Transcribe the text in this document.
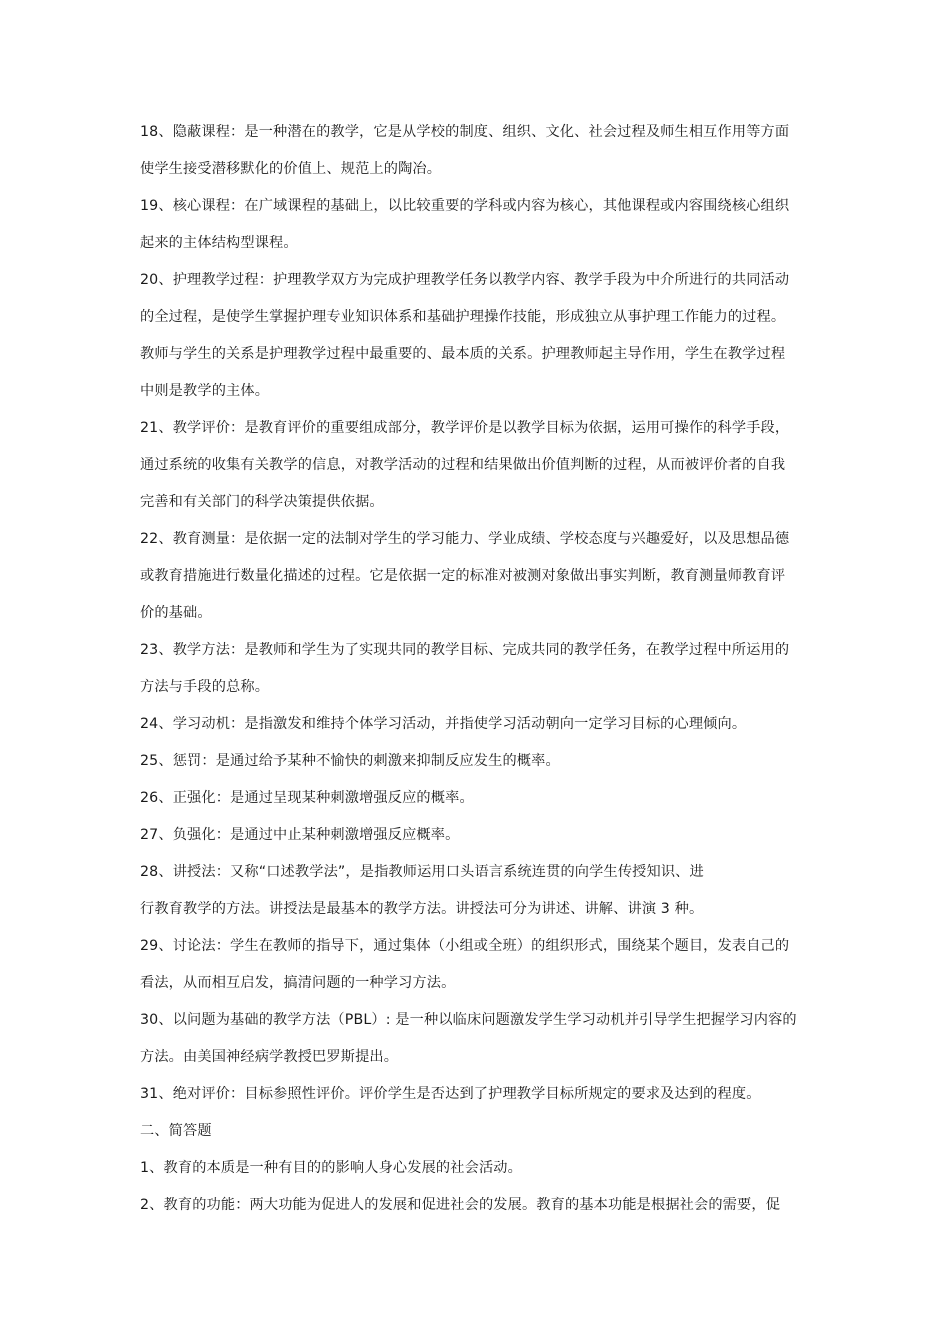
18、隐蔽课程：是一种潜在的教学，它是从学校的制度、组织、文化、社会过程及师生相互作用等方面
使学生接受潜移默化的价值上、规范上的陶冶。
19、核心课程：在广域课程的基础上，以比较重要的学科或内容为核心，其他课程或内容围绕核心组织
起来的主体结构型课程。
20、护理教学过程：护理教学双方为完成护理教学任务以教学内容、教学手段为中介所进行的共同活动
的全过程，是使学生掌握护理专业知识体系和基础护理操作技能，形成独立从事护理工作能力的过程。
教师与学生的关系是护理教学过程中最重要的、最本质的关系。护理教师起主导作用，学生在教学过程
中则是教学的主体。
21、教学评价：是教育评价的重要组成部分，教学评价是以教学目标为依据，运用可操作的科学手段，
通过系统的收集有关教学的信息，对教学活动的过程和结果做出价值判断的过程，从而被评价者的自我
完善和有关部门的科学决策提供依据。
22、教育测量：是依据一定的法制对学生的学习能力、学业成绩、学校态度与兴趣爱好，以及思想品德
或教育措施进行数量化描述的过程。它是依据一定的标准对被测对象做出事实判断，教育测量师教育评
价的基础。
23、教学方法：是教师和学生为了实现共同的教学目标、完成共同的教学任务，在教学过程中所运用的
方法与手段的总称。
24、学习动机：是指激发和维持个体学习活动，并指使学习活动朝向一定学习目标的心理倾向。
25、惩罚：是通过给予某种不愉快的刺激来抑制反应发生的概率。
26、正强化：是通过呈现某种刺激增强反应的概率。
27、负强化：是通过中止某种刺激增强反应概率。
28、讲授法：又称“口述教学法”，是指教师运用口头语言系统连贯的向学生传授知识、进
行教育教学的方法。讲授法是最基本的教学方法。讲授法可分为讲述、讲解、讲演 3 种。
29、讨论法：学生在教师的指导下，通过集体（小组或全班）的组织形式，围绕某个题目，发表自己的
看法，从而相互启发，搞清问题的一种学习方法。
30、以问题为基础的教学方法（PBL）: 是一种以临床问题激发学生学习动机并引导学生把握学习内容的
方法。由美国神经病学教授巴罗斯提出。
31、绝对评价：目标参照性评价。评价学生是否达到了护理教学目标所规定的要求及达到的程度。
二、简答题
1、教育的本质是一种有目的的影响人身心发展的社会活动。
2、教育的功能：两大功能为促进人的发展和促进社会的发展。教育的基本功能是根据社会的需要，促
